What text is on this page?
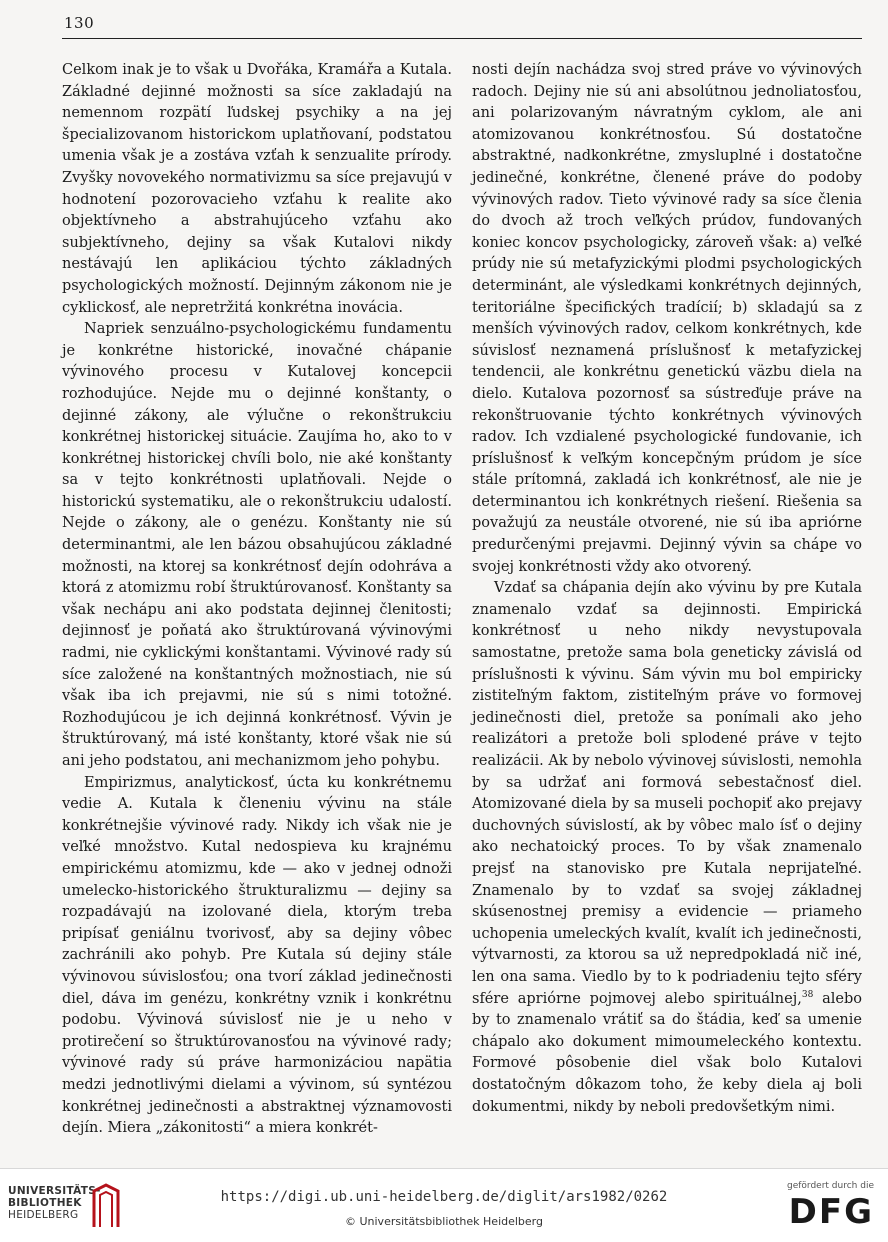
130

Celkom inak je to však u Dvořáka, Kramářa a Kutala. Základné dejinné možnosti sa síce zakladajú na nemennom rozpätí ľudskej psychiky a na jej špecializovanom historickom uplatňovaní, podstatou umenia však je a zostáva vzťah k senzualite prírody. Zvyšky novovekého normativizmu sa síce prejavujú v hodnotení pozorovacieho vzťahu k realite ako objektívneho a abstrahujúceho vzťahu ako subjektívneho, dejiny sa však Kutalovi nikdy nestávajú len aplikáciou týchto základných psychologických možností. Dejinným zákonom nie je cyklickosť, ale nepretržitá konkrétna inovácia.

Napriek senzuálno-psychologickému fundamentu je konkrétne historické, inovačné chápanie vývinového procesu v Kutalovej koncepcii rozhodujúce. Nejde mu o dejinné konštanty, o dejinné zákony, ale výlučne o rekonštrukciu konkrétnej historickej situácie. Zaujíma ho, ako to v konkrétnej historickej chvíli bolo, nie aké konštanty sa v tejto konkrétnosti uplatňovali. Nejde o historickú systematiku, ale o rekonštrukciu udalostí. Nejde o zákony, ale o genézu. Konštanty nie sú determinantmi, ale len bázou obsahujúcou základné možnosti, na ktorej sa konkrétnosť dejín odohráva a ktorá z atomizmu robí štruktúrovanosť. Konštanty sa však nechápu ani ako podstata dejinnej členitosti; dejinnosť je poňatá ako štruktúrovaná vývinovými radmi, nie cyklickými konštantami. Vývinové rady sú síce založené na konštantných možnostiach, nie sú však iba ich prejavmi, nie sú s nimi totožné. Rozhodujúcou je ich dejinná konkrétnosť. Vývin je štruktúrovaný, má isté konštanty, ktoré však nie sú ani jeho podstatou, ani mechanizmom jeho pohybu.

Empirizmus, analytickosť, úcta ku konkrétnemu vedie A. Kutala k členeniu vývinu na stále konkrétnejšie vývinové rady. Nikdy ich však nie je veľké množstvo. Kutal nedospieva ku krajnému empirickému atomizmu, kde — ako v jednej odnoži umelecko-historického štrukturalizmu — dejiny sa rozpadávajú na izolované diela, ktorým treba pripísať geniálnu tvorivosť, aby sa dejiny vôbec zachránili ako pohyb. Pre Kutala sú dejiny stále vývinovou súvislosťou; ona tvorí základ jedinečnosti diel, dáva im genézu, konkrétny vznik i konkrétnu podobu. Vývinová súvislosť nie je u neho v protirečení so štruktúrovanosťou na vývinové rady; vývinové rady sú práve harmonizáciou napätia medzi jednotlivými dielami a vývinom, sú syntézou konkrétnej jedinečnosti a abstraktnej významovosti dejín. Miera „zákonitosti“ a miera konkrét-

nosti dejín nachádza svoj stred práve vo vývinových radoch. Dejiny nie sú ani absolútnou jednoliatosťou, ani polarizovaným návratným cyklom, ale ani atomizovanou konkrétnosťou. Sú dostatočne abstraktné, nadkonkrétne, zmysluplné i dostatočne jedinečné, konkrétne, členené práve do podoby vývinových radov. Tieto vývinové rady sa síce členia do dvoch až troch veľkých prúdov, fundovaných koniec koncov psychologicky, zároveň však: a) veľké prúdy nie sú metafyzickými plodmi psychologických determinánt, ale výsledkami konkrétnych dejinných, teritoriálne špecifických tradícií; b) skladajú sa z menších vývinových radov, celkom konkrétnych, kde súvislosť neznamená príslušnosť k metafyzickej tendencii, ale konkrétnu genetickú väzbu diela na dielo. Kutalova pozornosť sa sústreďuje práve na rekonštruovanie týchto konkrétnych vývinových radov. Ich vzdialené psychologické fundovanie, ich príslušnosť k veľkým koncepčným prúdom je síce stále prítomná, zakladá ich konkrétnosť, ale nie je determinantou ich konkrétnych riešení. Riešenia sa považujú za neustále otvorené, nie sú iba apriórne predurčenými prejavmi. Dejinný vývin sa chápe vo svojej konkrétnosti vždy ako otvorený.

Vzdať sa chápania dejín ako vývinu by pre Kutala znamenalo vzdať sa dejinnosti. Empirická konkrétnosť u neho nikdy nevystupovala samostatne, pretože sama bola geneticky závislá od príslušnosti k vývinu. Sám vývin mu bol empiricky zistiteľným faktom, zistiteľným práve vo formovej jedinečnosti diel, pretože sa ponímali ako jeho realizátori a pretože boli splodené práve v tejto realizácii. Ak by nebolo vývinovej súvislosti, nemohla by sa udržať ani formová sebestačnosť diel. Atomizované diela by sa museli pochopiť ako prejavy duchovných súvislostí, ak by vôbec malo ísť o dejiny ako nechatoický proces. To by však znamenalo prejsť na stanovisko pre Kutala neprijateľné. Znamenalo by to vzdať sa svojej základnej skúsenostnej premisy a evidencie — priameho uchopenia umeleckých kvalít, kvalít ich jedinečnosti, výtvarnosti, za ktorou sa už nepredpokladá nič iné, len ona sama. Viedlo by to k podriadeniu tejto sféry sfére apriórne pojmovej alebo spirituálnej,$^{38}$ alebo by to znamenalo vrátiť sa do štádia, keď sa umenie chápalo ako dokument mimoumeleckého kontextu. Formové pôsobenie diel však bolo Kutalovi dostatočným dôkazom toho, že keby diela aj boli dokumentmi, nikdy by neboli predovšetkým nimi.

UNIVERSITÄTS-
BIBLIOTHEK
HEIDELBERG
https://digi.ub.uni-heidelberg.de/diglit/ars1982/0262
© Universitätsbibliothek Heidelberg
gefördert durch die
DFG
